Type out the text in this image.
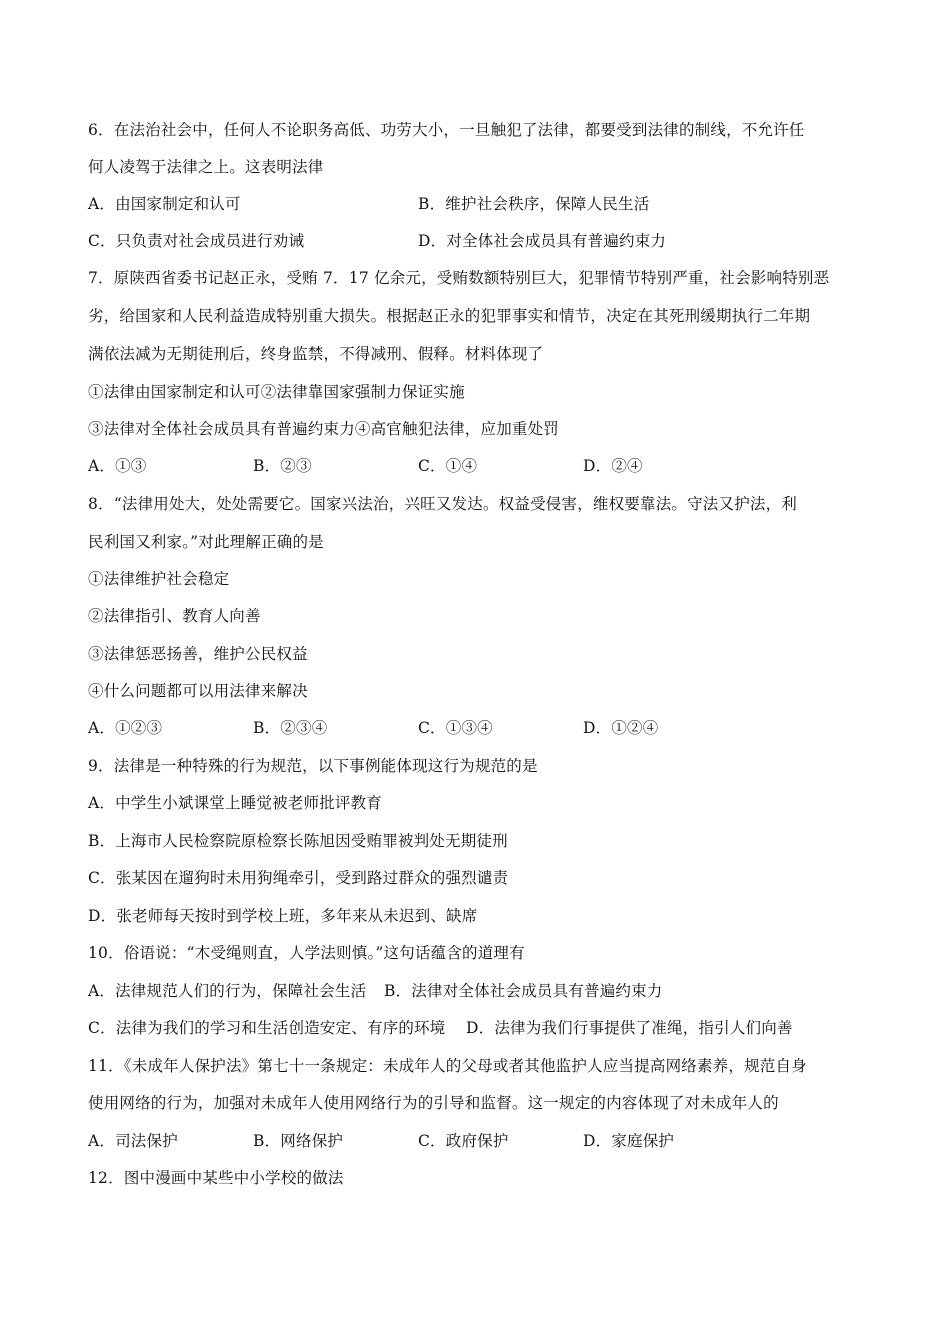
6．在法治社会中，任何人不论职务高低、功劳大小，一旦触犯了法律，都要受到法律的制线，不允许任
何人凌驾于法律之上。这表明法律
A．由国家制定和认可	B．维护社会秩序，保障人民生活
C．只负责对社会成员进行劝诫	D．对全体社会成员具有普遍约束力
7．原陕西省委书记赵正永，受贿 7．17 亿余元，受贿数额特别巨大，犯罪情节特别严重，社会影响特别恶
劣，给国家和人民利益造成特别重大损失。根据赵正永的犯罪事实和情节，决定在其死刑缓期执行二年期
满依法减为无期徒刑后，终身监禁，不得减刑、假释。材料体现了
①法律由国家制定和认可②法律靠国家强制力保证实施
③法律对全体社会成员具有普遍约束力④高官触犯法律，应加重处罚
A．①③	B．②③	C．①④	D．②④
8．“法律用处大，处处需要它。国家兴法治，兴旺又发达。权益受侵害，维权要靠法。守法又护法，利
民利国又利家。”对此理解正确的是
①法律维护社会稳定
②法律指引、教育人向善
③法律惩恶扬善，维护公民权益
④什么问题都可以用法律来解决
A．①②③	B．②③④	C．①③④	D．①②④
9．法律是一种特殊的行为规范，以下事例能体现这行为规范的是
A．中学生小斌课堂上睡觉被老师批评教育
B．上海市人民检察院原检察长陈旭因受贿罪被判处无期徒刑
C．张某因在遛狗时未用狗绳牵引，受到路过群众的强烈谴责
D．张老师每天按时到学校上班，多年来从未迟到、缺席
10．俗语说：“木受绳则直，人学法则慎。”这句话蕴含的道理有
A．法律规范人们的行为，保障社会生活 B．法律对全体社会成员具有普遍约束力
C．法律为我们的学习和生活创造安定、有序的环境 D．法律为我们行事提供了准绳，指引人们向善
11．《未成年人保护法》第七十一条规定：未成年人的父母或者其他监护人应当提高网络素养，规范自身
使用网络的行为，加强对未成年人使用网络行为的引导和监督。这一规定的内容体现了对未成年人的
A．司法保护	B．网络保护	C．政府保护	D．家庭保护
12．图中漫画中某些中小学校的做法
